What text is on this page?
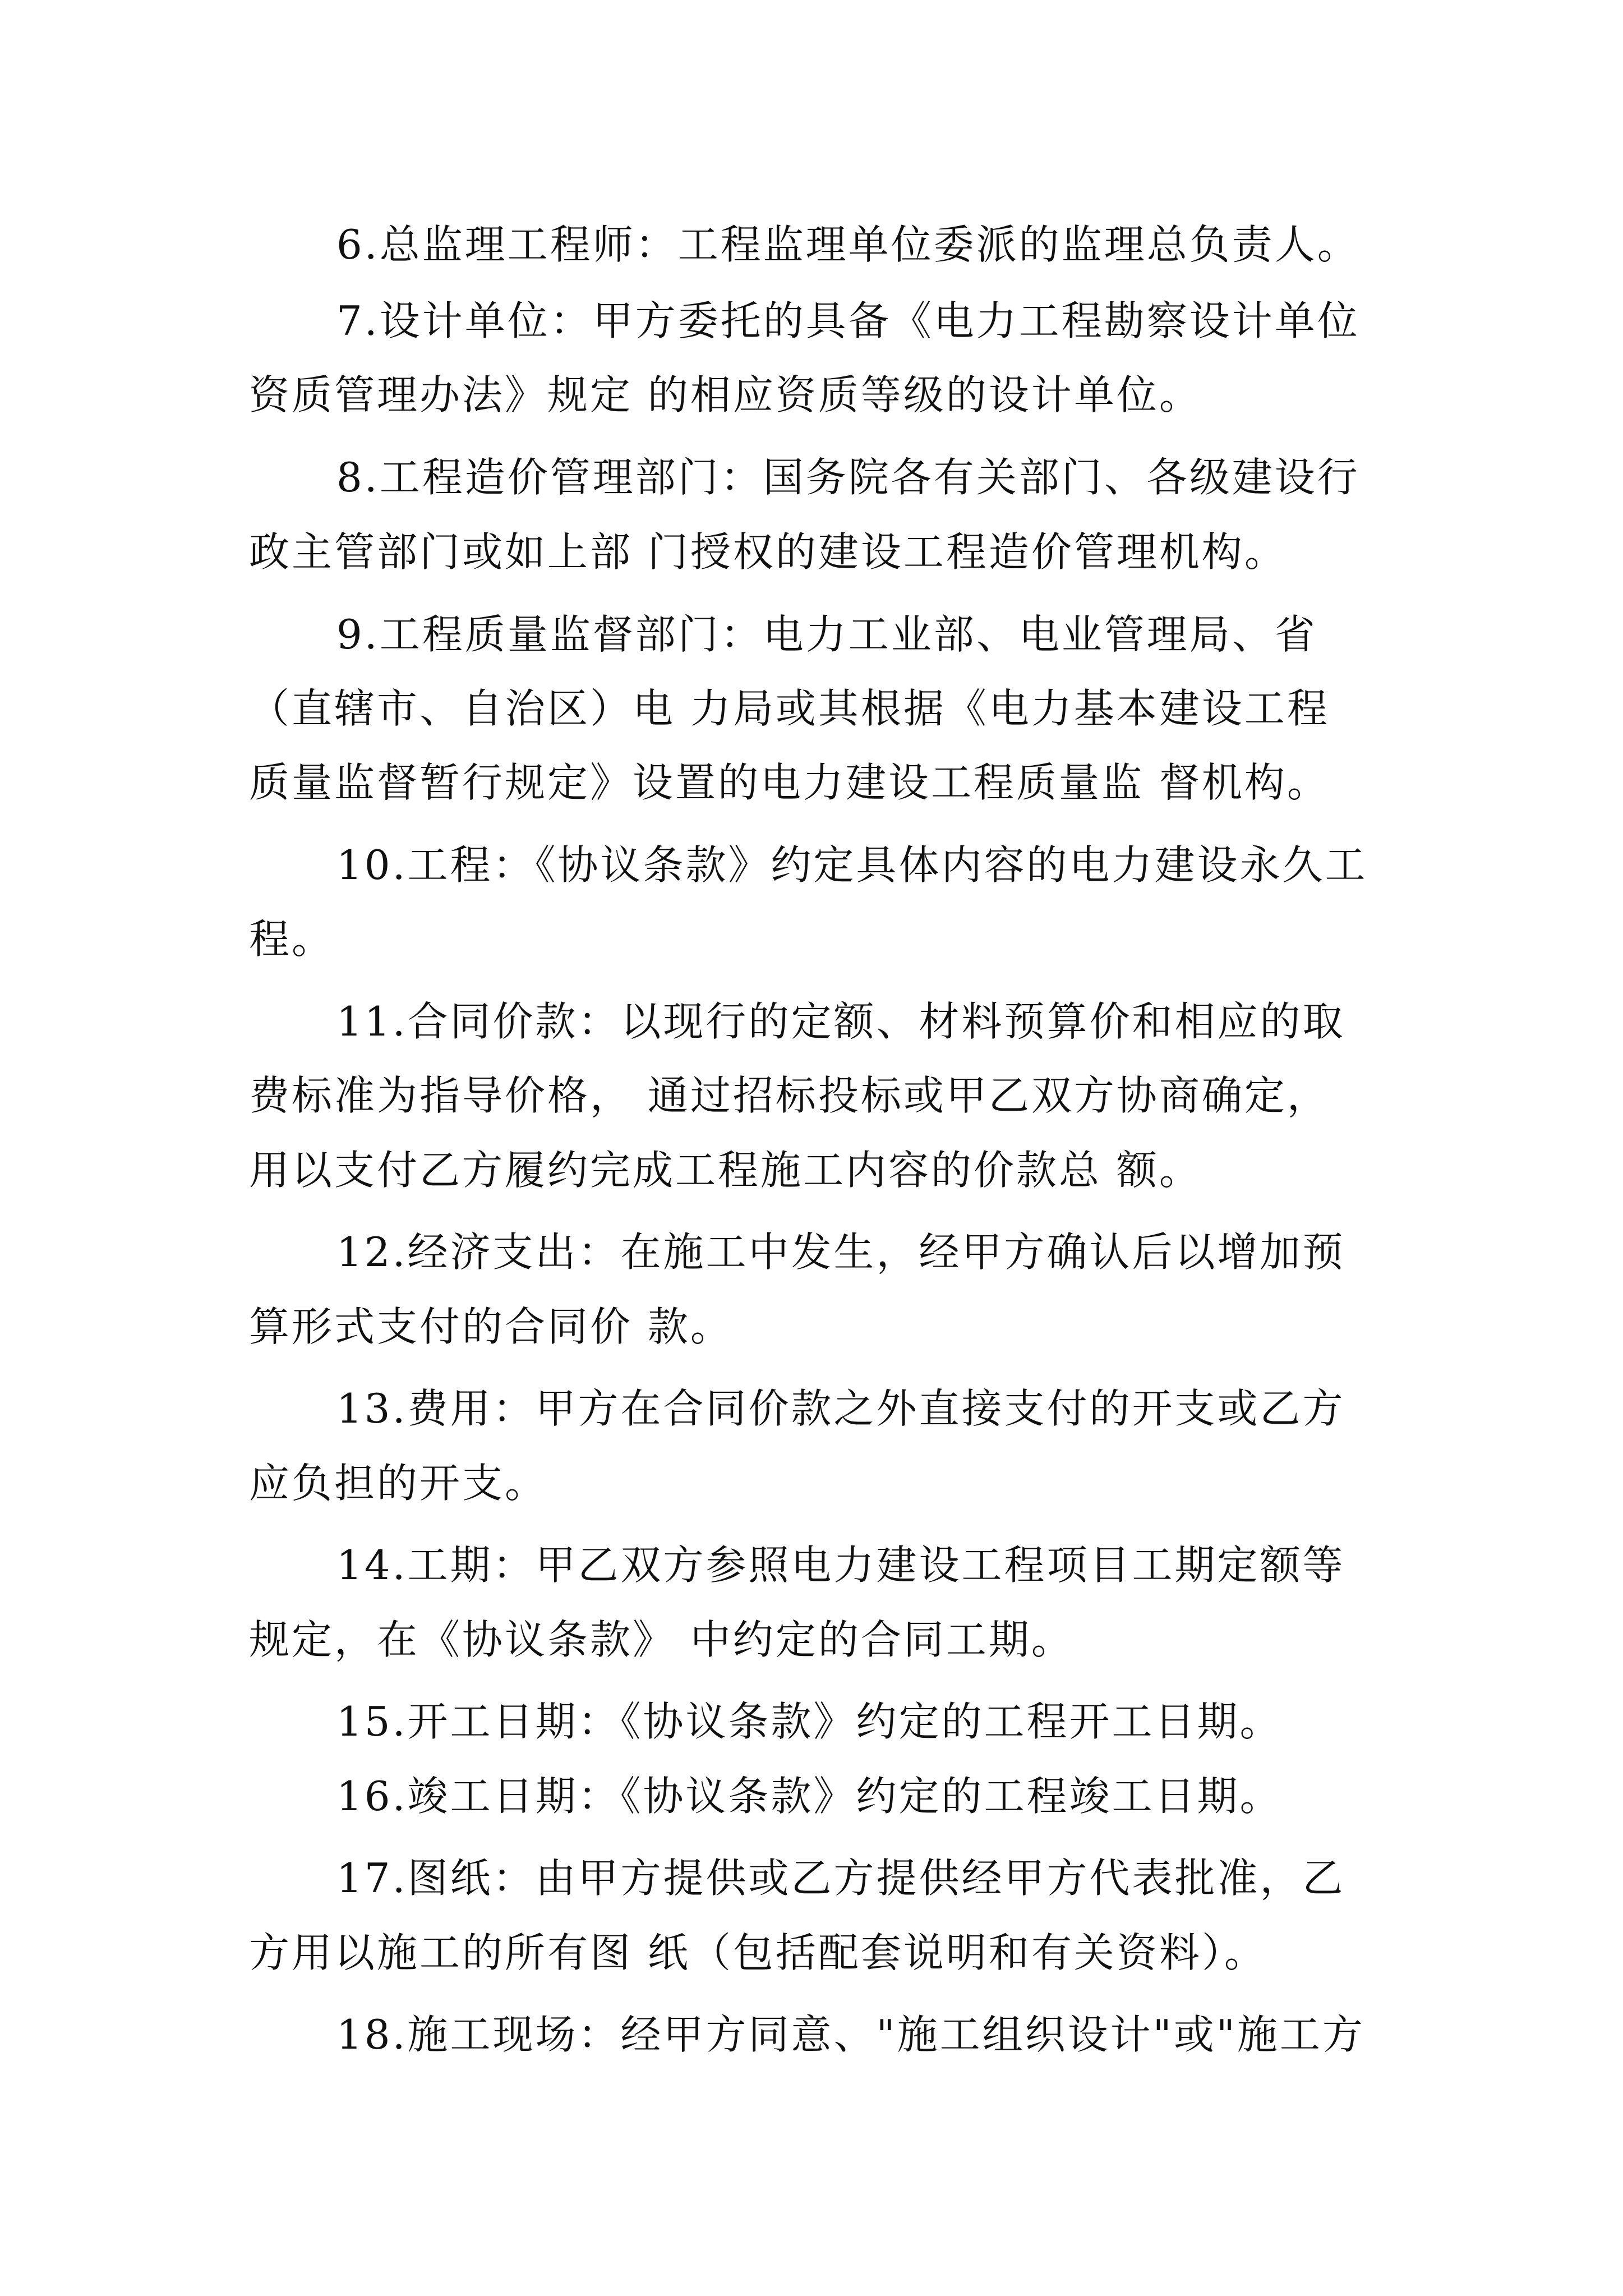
6.总监理工程师：工程监理单位委派的监理总负责人。

7.设计单位：甲方委托的具备《电力工程勘察设计单位

资质管理办法》规定 的相应资质等级的设计单位。

8.工程造价管理部门：国务院各有关部门、各级建设行

政主管部门或如上部 门授权的建设工程造价管理机构。

9.工程质量监督部门：电力工业部、电业管理局、省

（直辖市、自治区）电 力局或其根据《电力基本建设工程

质量监督暂行规定》设置的电力建设工程质量监 督机构。

10.工程：《协议条款》约定具体内容的电力建设永久工

程。

11.合同价款：以现行的定额、材料预算价和相应的取

费标准为指导价格， 通过招标投标或甲乙双方协商确定，

用以支付乙方履约完成工程施工内容的价款总 额。

12.经济支出：在施工中发生，经甲方确认后以增加预

算形式支付的合同价 款。

13.费用：甲方在合同价款之外直接支付的开支或乙方

应负担的开支。

14.工期：甲乙双方参照电力建设工程项目工期定额等

规定，在《协议条款》 中约定的合同工期。

15.开工日期：《协议条款》约定的工程开工日期。

16.竣工日期：《协议条款》约定的工程竣工日期。

17.图纸：由甲方提供或乙方提供经甲方代表批准，乙

方用以施工的所有图 纸（包括配套说明和有关资料）。

18.施工现场：经甲方同意、"施工组织设计"或"施工方
